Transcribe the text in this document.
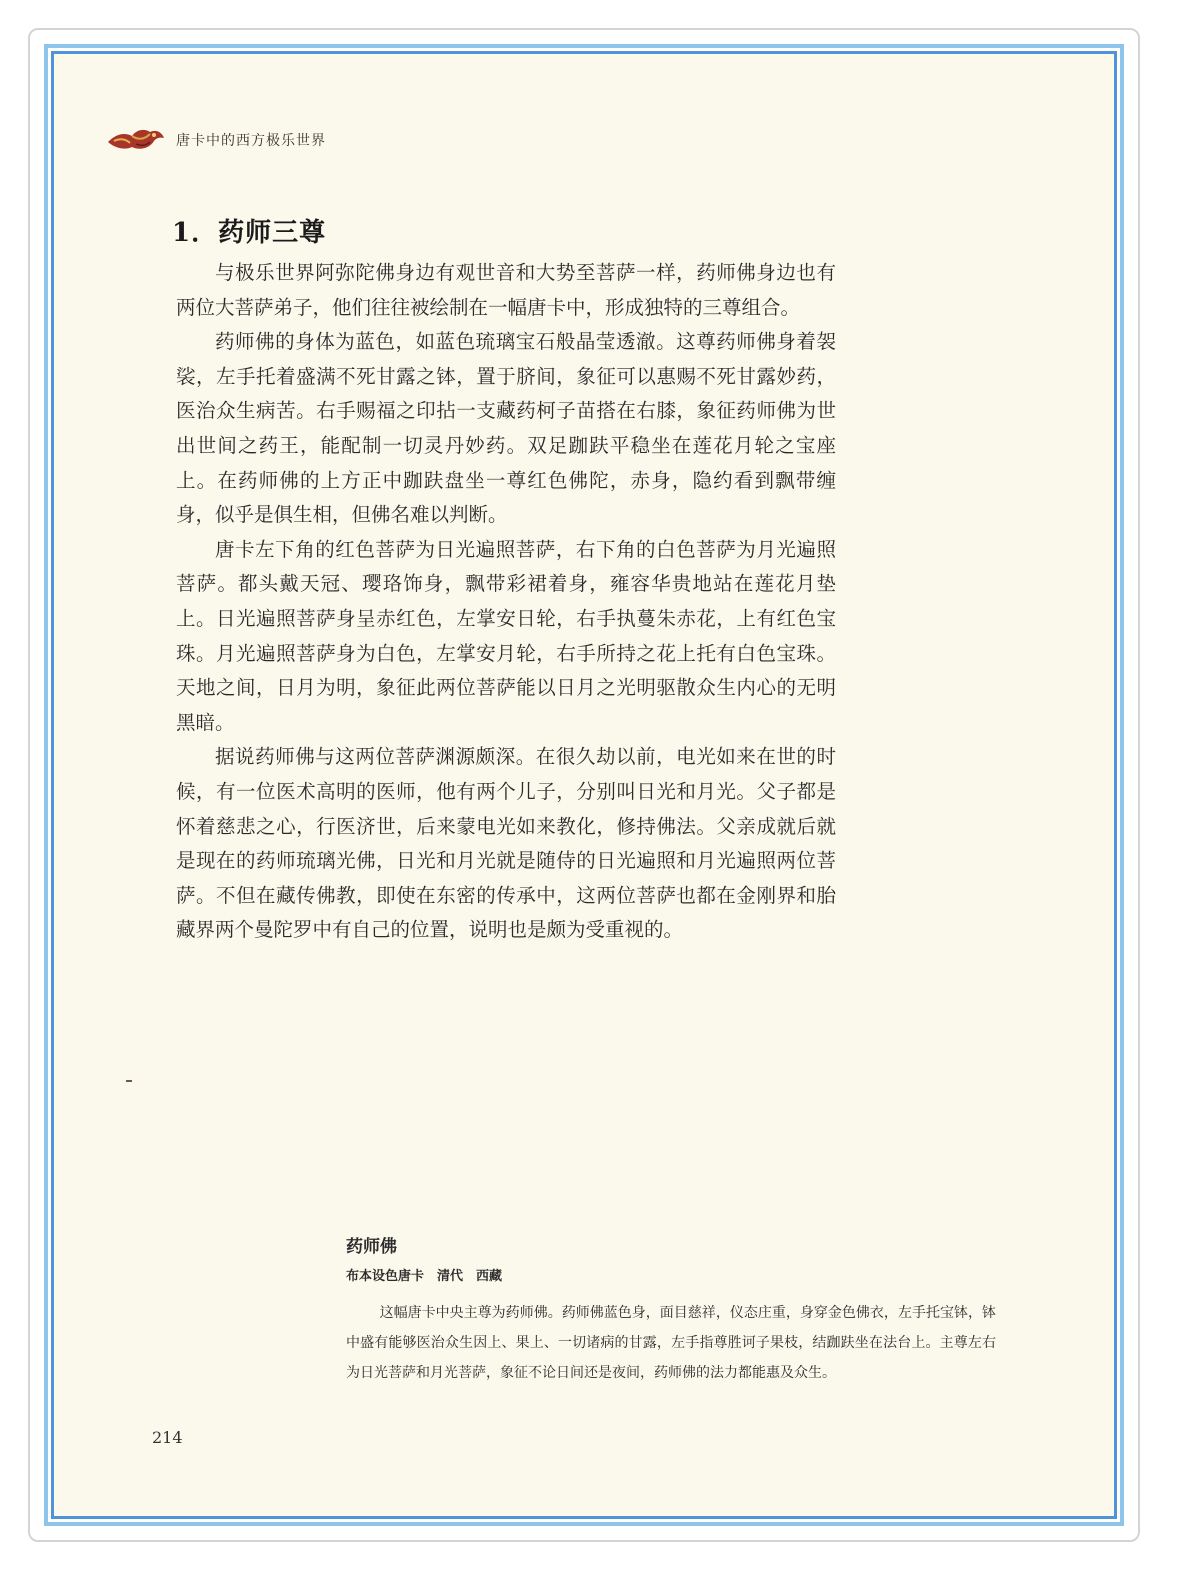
唐卡中的西方极乐世界
1．药师三尊

与极乐世界阿弥陀佛身边有观世音和大势至菩萨一样，药师佛身边也有两位大菩萨弟子，他们往往被绘制在一幅唐卡中，形成独特的三尊组合。

药师佛的身体为蓝色，如蓝色琉璃宝石般晶莹透澈。这尊药师佛身着袈裟，左手托着盛满不死甘露之钵，置于脐间，象征可以惠赐不死甘露妙药，医治众生病苦。右手赐福之印拈一支藏药柯子苗搭在右膝，象征药师佛为世出世间之药王，能配制一切灵丹妙药。双足跏趺平稳坐在莲花月轮之宝座上。在药师佛的上方正中跏趺盘坐一尊红色佛陀，赤身，隐约看到飘带缠身，似乎是俱生相，但佛名难以判断。

唐卡左下角的红色菩萨为日光遍照菩萨，右下角的白色菩萨为月光遍照菩萨。都头戴天冠、璎珞饰身，飘带彩裙着身，雍容华贵地站在莲花月垫上。日光遍照菩萨身呈赤红色，左掌安日轮，右手执蔓朱赤花，上有红色宝珠。月光遍照菩萨身为白色，左掌安月轮，右手所持之花上托有白色宝珠。天地之间，日月为明，象征此两位菩萨能以日月之光明驱散众生内心的无明黑暗。

据说药师佛与这两位菩萨渊源颇深。在很久劫以前，电光如来在世的时候，有一位医术高明的医师，他有两个儿子，分别叫日光和月光。父子都是怀着慈悲之心，行医济世，后来蒙电光如来教化，修持佛法。父亲成就后就是现在的药师琉璃光佛，日光和月光就是随侍的日光遍照和月光遍照两位菩萨。不但在藏传佛教，即使在东密的传承中，这两位菩萨也都在金刚界和胎藏界两个曼陀罗中有自己的位置，说明也是颇为受重视的。

药师佛

布本设色唐卡　清代　西藏

这幅唐卡中央主尊为药师佛。药师佛蓝色身，面目慈祥，仪态庄重，身穿金色佛衣，左手托宝钵，钵中盛有能够医治众生因上、果上、一切诸病的甘露，左手指尊胜诃子果枝，结跏趺坐在法台上。主尊左右为日光菩萨和月光菩萨，象征不论日间还是夜间，药师佛的法力都能惠及众生。

214
